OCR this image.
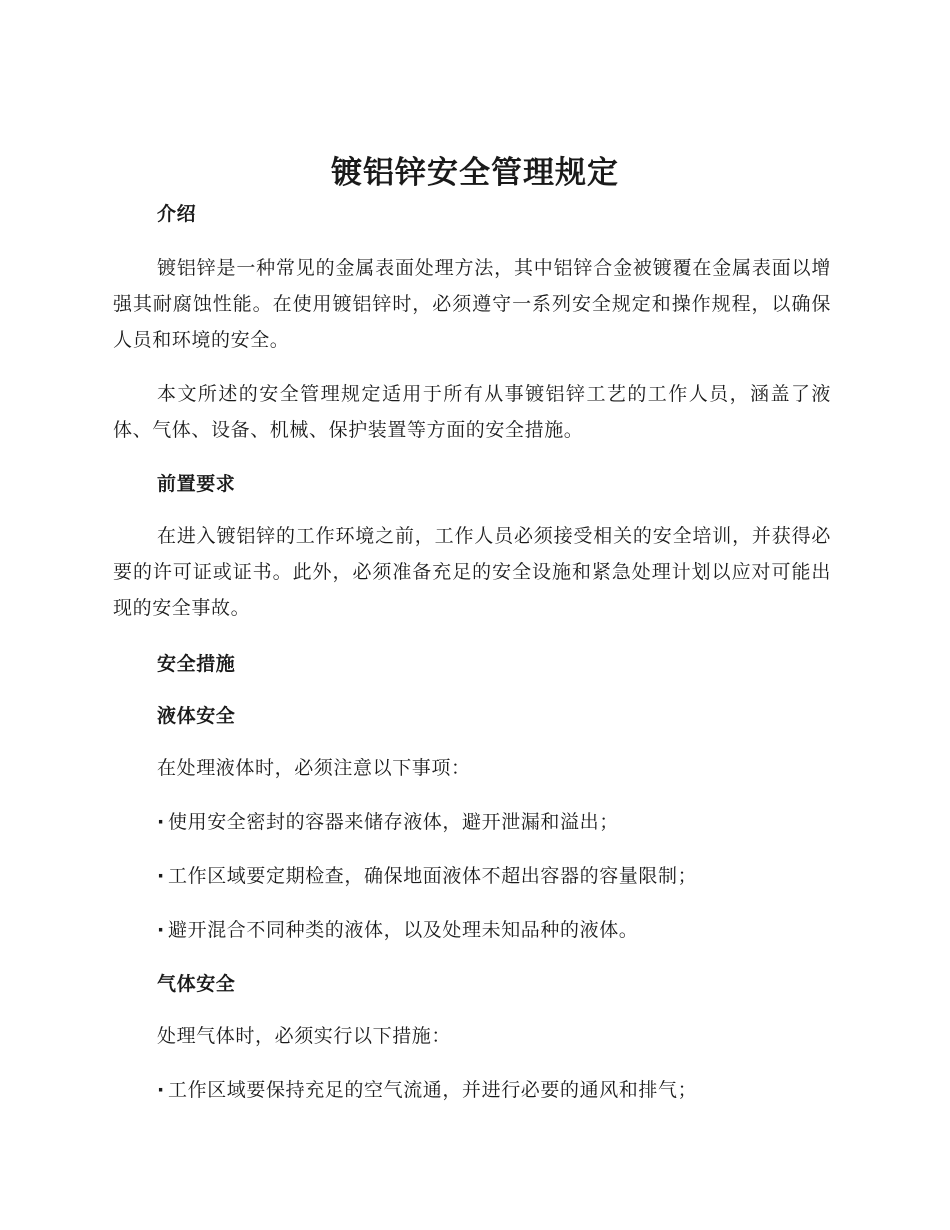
镀铝锌安全管理规定
介绍

镀铝锌是一种常见的金属表面处理方法，其中铝锌合金被镀覆在金属表面以增强其耐腐蚀性能。在使用镀铝锌时，必须遵守一系列安全规定和操作规程，以确保人员和环境的安全。

本文所述的安全管理规定适用于所有从事镀铝锌工艺的工作人员，涵盖了液体、气体、设备、机械、保护装置等方面的安全措施。

前置要求

在进入镀铝锌的工作环境之前，工作人员必须接受相关的安全培训，并获得必要的许可证或证书。此外，必须准备充足的安全设施和紧急处理计划以应对可能出现的安全事故。

安全措施
液体安全
在处理液体时，必须注意以下事项：
· 使用安全密封的容器来储存液体，避开泄漏和溢出；
· 工作区域要定期检查，确保地面液体不超出容器的容量限制；
· 避开混合不同种类的液体，以及处理未知品种的液体。
气体安全
处理气体时，必须实行以下措施：
· 工作区域要保持充足的空气流通，并进行必要的通风和排气；
